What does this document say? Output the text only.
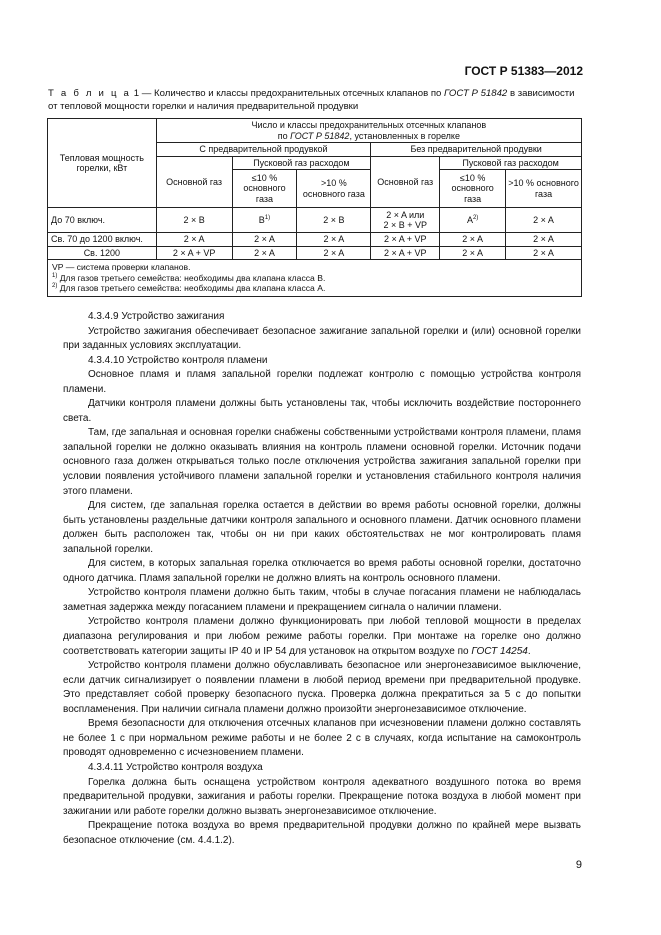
ГОСТ Р 51383—2012
Т а б л и ц а 1 — Количество и классы предохранительных отсечных клапанов по ГОСТ Р 51842 в зависимости
от тепловой мощности горелки и наличия предварительной продувки
Тепловая мощность горелки, кВт	Число и классы предохранительных отсечных клапанов
по ГОСТ Р 51842, установленных в горелке					
	С предварительной продувкой			Без предварительной продувки		
	Основной газ	Пусковой газ расходом		Основной газ	Пусковой газ расходом	
		≤10 % основного газа	>10 % основного газа		≤10 % основного газа	>10 % основного газа
До 70 включ.	2 × B	$B^{1)}$	2 × B	2 × A или
2 × B + VP	$A^{2)}$	2 × A
Св. 70 до 1200 включ.	2 × A	2 × A	2 × A	2 × A + VP	2 × A	2 × A
Св. 1200	2 × A + VP	2 × A	2 × A	2 × A + VP	2 × A	2 × A

VP — система проверки клапанов.
$^{1)}$ Для газов третьего семейства: необходимы два клапана класса В.
$^{2)}$ Для газов третьего семейства: необходимы два клапана класса А.						

4.3.4.9 Устройство зажигания

Устройство зажигания обеспечивает безопасное зажигание запальной горелки и (или) основной горелки при заданных условиях эксплуатации.

4.3.4.10 Устройство контроля пламени

Основное пламя и пламя запальной горелки подлежат контролю с помощью устройства контроля пламени.

Датчики контроля пламени должны быть установлены так, чтобы исключить воздействие постороннего света.

Там, где запальная и основная горелки снабжены собственными устройствами контроля пламени, пламя запальной горелки не должно оказывать влияния на контроль пламени основной горелки. Источник подачи основного газа должен открываться только после отключения устройства зажигания запальной горелки при условии появления устойчивого пламени запальной горелки и установления стабильного контроля наличия этого пламени.

Для систем, где запальная горелка остается в действии во время работы основной горелки, должны быть установлены раздельные датчики контроля запального и основного пламени. Датчик основного пламени должен быть расположен так, чтобы он ни при каких обстоятельствах не мог контролировать пламя запальной горелки.

Для систем, в которых запальная горелка отключается во время работы основной горелки, достаточно одного датчика. Пламя запальной горелки не должно влиять на контроль основного пламени.

Устройство контроля пламени должно быть таким, чтобы в случае погасания пламени не наблюдалась заметная задержка между погасанием пламени и прекращением сигнала о наличии пламени.

Устройство контроля пламени должно функционировать при любой тепловой мощности в пределах диапазона регулирования и при любом режиме работы горелки. При монтаже на горелке оно должно соответствовать категории защиты IP 40 и IP 54 для установок на открытом воздухе по ГОСТ 14254.

Устройство контроля пламени должно обуславливать безопасное или энергонезависимое выключение, если датчик сигнализирует о появлении пламени в любой период времени при предварительной продувке. Это представляет собой проверку безопасного пуска. Проверка должна прекратиться за 5 с до попытки воспламенения. При наличии сигнала пламени должно произойти энергонезависимое отключение.

Время безопасности для отключения отсечных клапанов при исчезновении пламени должно составлять не более 1 с при нормальном режиме работы и не более 2 с в случаях, когда испытание на самоконтроль проводят одновременно с исчезновением пламени.

4.3.4.11 Устройство контроля воздуха

Горелка должна быть оснащена устройством контроля адекватного воздушного потока во время предварительной продувки, зажигания и работы горелки. Прекращение потока воздуха в любой момент при зажигании или работе горелки должно вызвать энергонезависимое отключение.

Прекращение потока воздуха во время предварительной продувки должно по крайней мере вызвать безопасное отключение (см. 4.4.1.2).

9
